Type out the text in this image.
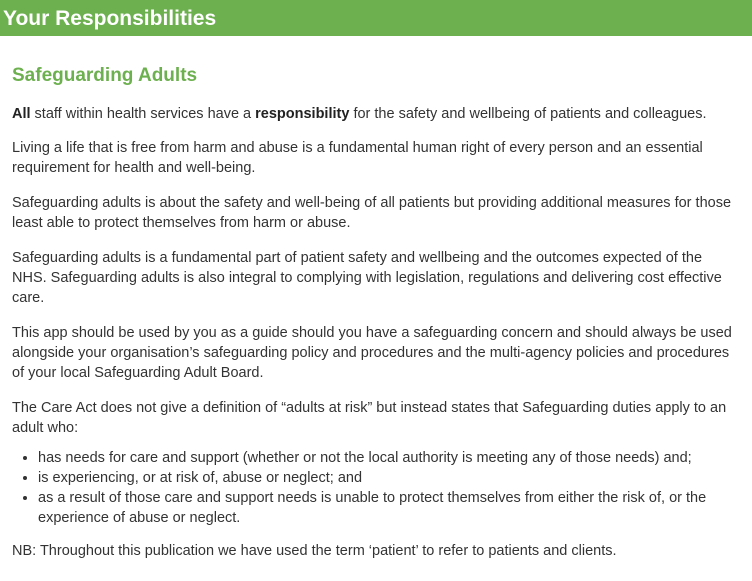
Your Responsibilities
Safeguarding Adults

All staff within health services have a responsibility for the safety and wellbeing of patients and colleagues.

Living a life that is free from harm and abuse is a fundamental human right of every person and an essential requirement for health and well-being.

Safeguarding adults is about the safety and well-being of all patients but providing additional measures for those least able to protect themselves from harm or abuse.

Safeguarding adults is a fundamental part of patient safety and wellbeing and the outcomes expected of the NHS. Safeguarding adults is also integral to complying with legislation, regulations and delivering cost effective care.

This app should be used by you as a guide should you have a safeguarding concern and should always be used alongside your organisation’s safeguarding policy and procedures and the multi-agency policies and procedures of your local Safeguarding Adult Board.

The Care Act does not give a definition of “adults at risk” but instead states that Safeguarding duties apply to an adult who:

• has needs for care and support (whether or not the local authority is meeting any of those needs) and;
• is experiencing, or at risk of, abuse or neglect; and
• as a result of those care and support needs is unable to protect themselves from either the risk of, or the experience of abuse or neglect.

NB: Throughout this publication we have used the term ‘patient’ to refer to patients and clients.
